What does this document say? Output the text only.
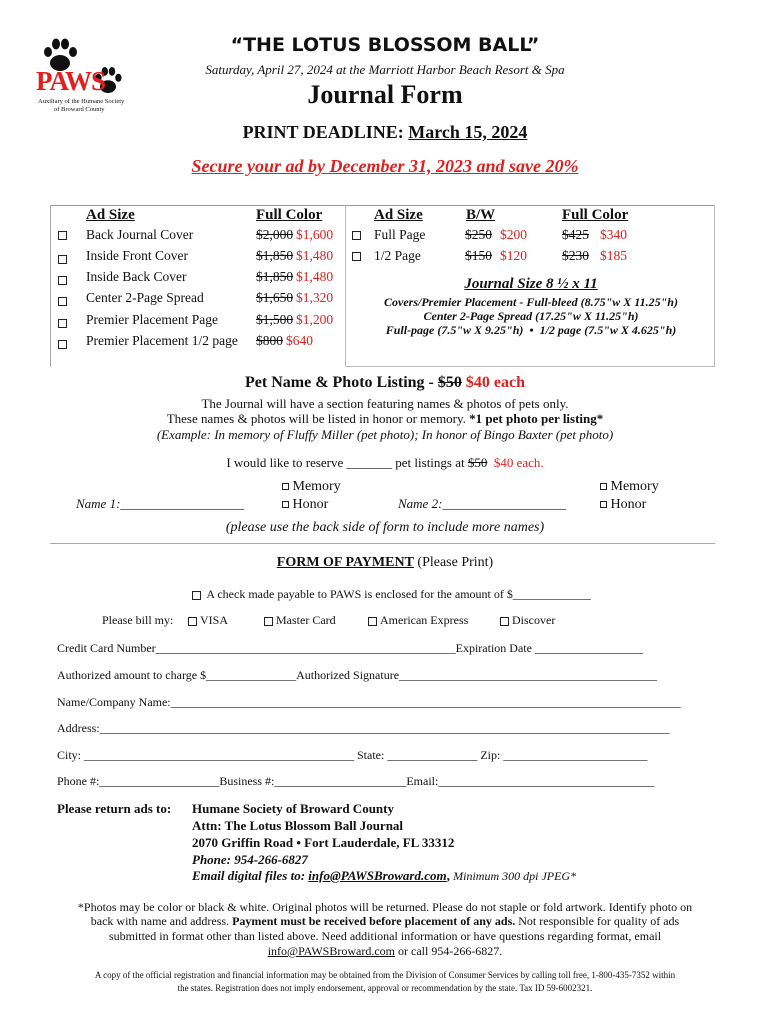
PAWS
Auxiliary of the Humane Society
of Broward County
“THE LOTUS BLOSSOM BALL”
Saturday, April 27, 2024 at the Marriott Harbor Beach Resort & Spa
Journal Form
PRINT DEADLINE: March 15, 2024
Secure your ad by December 31, 2023 and save 20%
Ad Size	Full Color
Back Journal Cover	$2,000 $1,600
Inside Front Cover	$1,850 $1,480
Inside Back Cover	$1,850 $1,480
Center 2-Page Spread	$1,650 $1,320
Premier Placement Page	$1,500 $1,200
Premier Placement 1/2 page $800 $640
Ad Size	B/W	Full Color
Full Page	$250 $200	$425 $340
1/2 Page	$150 $120	$230 $185
Journal Size 8 ½ x 11
Covers/Premier Placement - Full-bleed (8.75"w X 11.25"h)
Center 2-Page Spread (17.25"w X 11.25"h)
Full-page (7.5"w X 9.25"h)  •  1/2 page (7.5"w X 4.625"h)
Pet Name & Photo Listing - $50 $40 each
The Journal will have a section featuring names & photos of pets only.
These names & photos will be listed in honor or memory. *1 pet photo per listing*
(Example: In memory of Fluffy Miller (pet photo); In honor of Bingo Baxter (pet photo)
I would like to reserve _______ pet listings at $50 $40 each.
Name 1:___________________
Memory
Honor	Name 2:___________________
Memory
Honor
(please use the back side of form to include more names)
FORM OF PAYMENT (Please Print)
A check made payable to PAWS is enclosed for the amount of $_____________
Please bill my:	VISA	Master Card	American Express	Discover
Credit Card Number__________________________________________________Expiration Date __________________
Authorized amount to charge $_______________Authorized Signature___________________________________________
Name/Company Name:_____________________________________________________________________________________
Address:_______________________________________________________________________________________________
City: _____________________________________________ State: _______________ Zip: ________________________
Phone #:____________________Business #:______________________Email:____________________________________
Please return ads to: Humane Society of Broward County
Attn: The Lotus Blossom Ball Journal
2070 Griffin Road • Fort Lauderdale, FL 33312
Phone: 954-266-6827
Email digital files to: info@PAWSBroward.com, Minimum 300 dpi JPEG*
*Photos may be color or black & white. Original photos will be returned. Please do not staple or fold artwork. Identify photo on
back with name and address. Payment must be received before placement of any ads. Not responsible for quality of ads
submitted in format other than listed above. Need additional information or have questions regarding format, email
info@PAWSBroward.com or call 954-266-6827.
A copy of the official registration and financial information may be obtained from the Division of Consumer Services by calling toll free, 1-800-435-7352 within
the states. Registration does not imply endorsement, approval or recommendation by the state. Tax ID 59-6002321.
